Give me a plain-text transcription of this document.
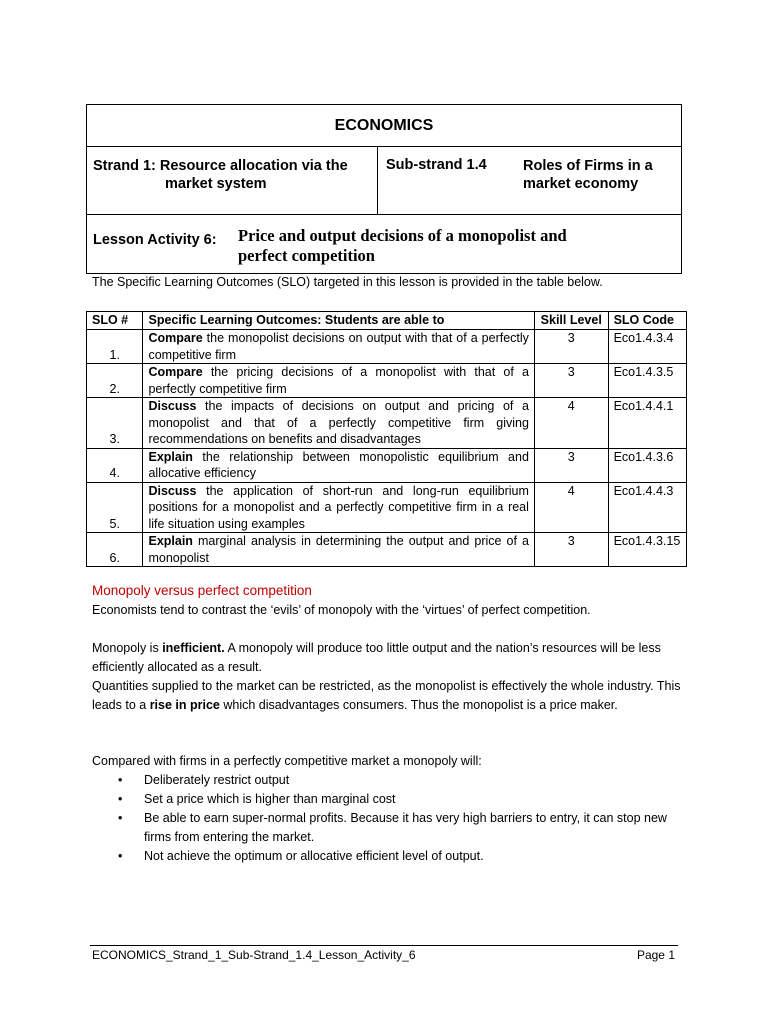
ECONOMICS
Strand 1: Resource allocation via the
market system
Sub-strand 1.4	Roles of Firms in a
market economy
Lesson Activity 6: Price and output decisions of a monopolist and
perfect competition
The Specific Learning Outcomes (SLO) targeted in this lesson is provided in the table below.
SLO #	Specific Learning Outcomes: Students are able to	Skill Level	SLO Code
1.	Compare the monopolist decisions on output with that of a perfectly competitive firm	3	Eco1.4.3.4
2.	Compare the pricing decisions of a monopolist with that of a perfectly competitive firm	3	Eco1.4.3.5
3.	Discuss the impacts of decisions on output and pricing of a monopolist and that of a perfectly competitive firm giving recommendations on benefits and disadvantages	4	Eco1.4.4.1
4.	Explain the relationship between monopolistic equilibrium and allocative efficiency	3	Eco1.4.3.6
5.	Discuss the application of short-run and long-run equilibrium positions for a monopolist and a perfectly competitive firm in a real life situation using examples	4	Eco1.4.4.3
6.	Explain marginal analysis in determining the output and price of a monopolist	3	Eco1.4.3.15
Monopoly versus perfect competition
Economists tend to contrast the ‘evils’ of monopoly with the ‘virtues’ of perfect competition.
Monopoly is inefficient. A monopoly will produce too little output and the nation’s resources will be less efficiently allocated as a result.
Quantities supplied to the market can be restricted, as the monopolist is effectively the whole industry. This leads to a rise in price which disadvantages consumers. Thus the monopolist is a price maker.
Compared with firms in a perfectly competitive market a monopoly will:
• Deliberately restrict output
• Set a price which is higher than marginal cost
• Be able to earn super-normal profits. Because it has very high barriers to entry, it can stop new firms from entering the market.
• Not achieve the optimum or allocative efficient level of output.
ECONOMICS_Strand_1_Sub-Strand_1.4_Lesson_Activity_6	Page 1
